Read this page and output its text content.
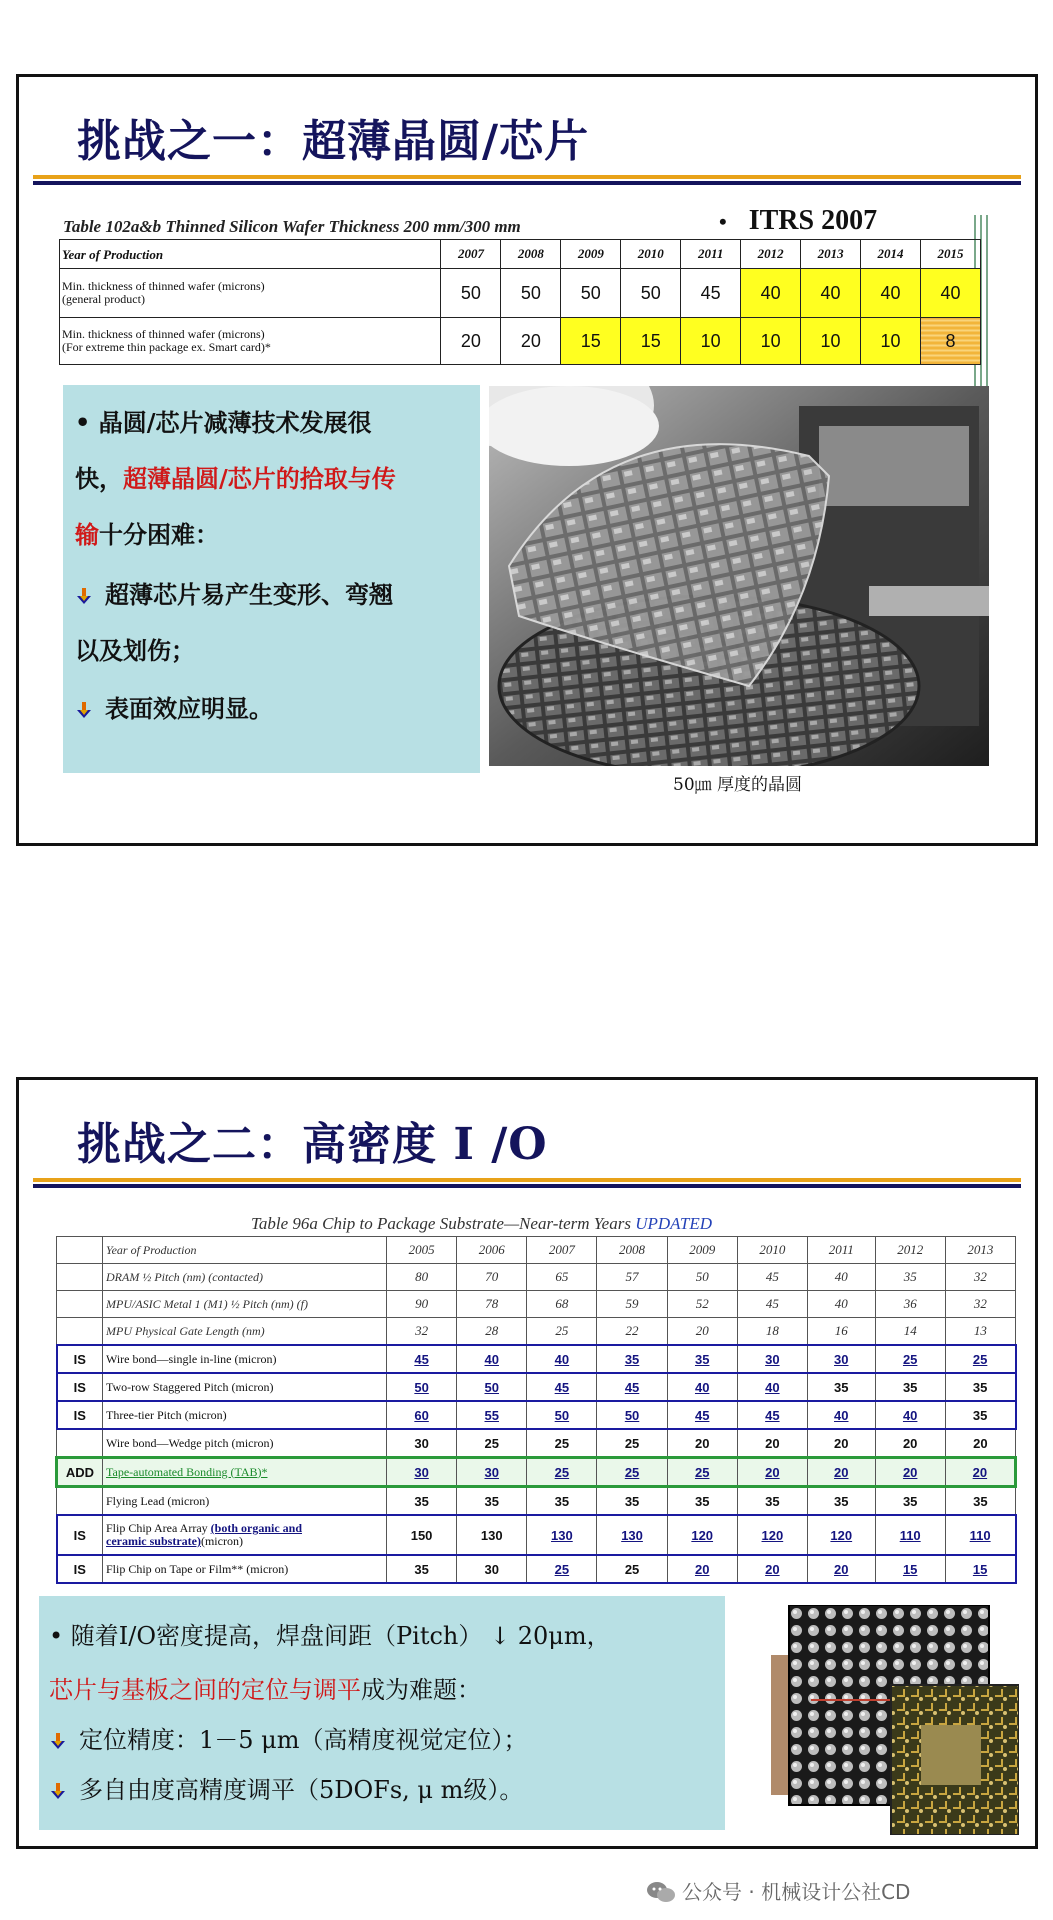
挑战之一：超薄晶圆/芯片
Table 102a&b Thinned Silicon Wafer Thickness 200 mm/300 mm	• ITRS 2007
Year of Production	2007	2008	2009	2010	2011	2012	2013	2014	2015
Min. thickness of thinned wafer (microns)
(general product)	50	50	50	50	45	40	40	40	40
Min. thickness of thinned wafer (microns)
(For extreme thin package ex. Smart card)*	20	20	15	15	10	10	10	10	8
• 晶圆/芯片减薄技术发展很
快，超薄晶圆/芯片的拾取与传
输十分困难：
超薄芯片易产生变形、弯翘
以及划伤；
表面效应明显。
50㎛ 厚度的晶圆
挑战之二：高密度 I /O
Table 96a Chip to Package Substrate—Near-term Years UPDATED
	Year of Production	2005	2006	2007	2008	2009	2010	2011	2012	2013
	DRAM ½ Pitch (nm) (contacted)	80	70	65	57	50	45	40	35	32
	MPU/ASIC Metal 1 (M1) ½ Pitch (nm) (f)	90	78	68	59	52	45	40	36	32
	MPU Physical Gate Length (nm)	32	28	25	22	20	18	16	14	13
IS	Wire bond—single in-line (micron)	45	40	40	35	35	30	30	25	25
IS	Two-row Staggered Pitch (micron)	50	50	45	45	40	40	35	35	35
IS	Three-tier Pitch (micron)	60	55	50	50	45	45	40	40	35
	Wire bond—Wedge pitch (micron)	30	25	25	25	20	20	20	20	20
ADD	Tape-automated Bonding (TAB)*	30	30	25	25	25	20	20	20	20
	Flying Lead (micron)	35	35	35	35	35	35	35	35	35
IS	Flip Chip Area Array (both organic and
ceramic substrate)(micron)	150	130	130	130	120	120	120	110	110
IS	Flip Chip on Tape or Film** (micron)	35	30	25	25	20	20	20	15	15
• 随着I/O密度提高，焊盘间距（Pitch） ↓ 20μm，
芯片与基板之间的定位与调平成为难题：
定位精度：1－5 μm（高精度视觉定位）；
多自由度高精度调平（5DOFs, μ m级）。
公众号 · 机械设计公社CD
